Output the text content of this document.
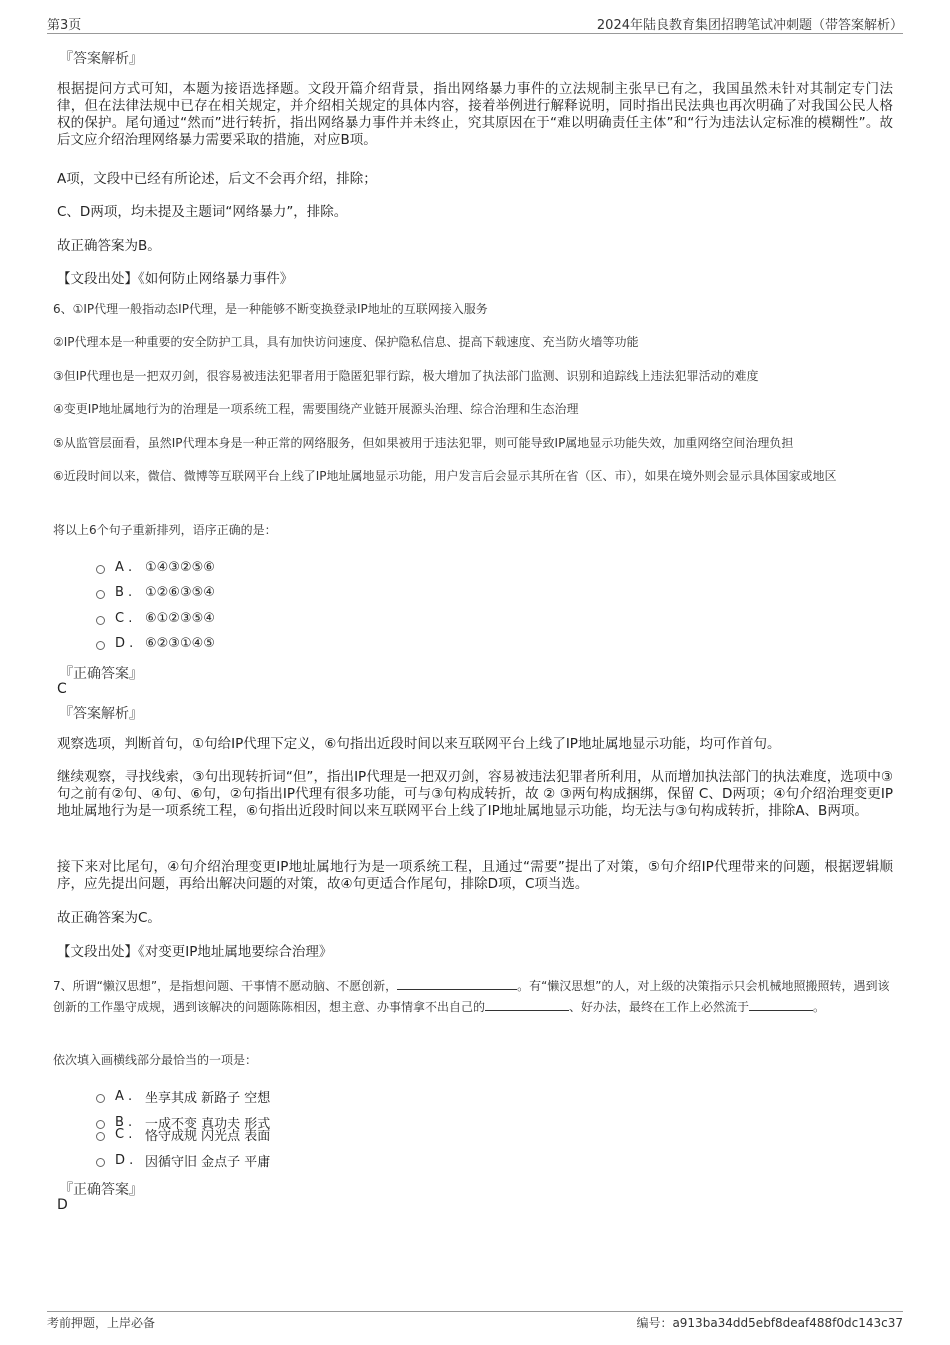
第3页	2024年陆良教育集团招聘笔试冲刺题（带答案解析）
『答案解析』
根据提问方式可知，本题为接语选择题。文段开篇介绍背景，指出网络暴力事件的立法规制主张早已有之，我国虽然未针对其制定专门法律，但在法律法规中已存在相关规定，并介绍相关规定的具体内容，接着举例进行解释说明，同时指出民法典也再次明确了对我国公民人格权的保护。尾句通过“然而”进行转折，指出网络暴力事件并未终止，究其原因在于“难以明确责任主体”和“行为违法认定标准的模糊性”。故后文应介绍治理网络暴力需要采取的措施，对应B项。
A项，文段中已经有所论述，后文不会再介绍，排除；
C、D两项，均未提及主题词“网络暴力”，排除。
故正确答案为B。
【文段出处】《如何防止网络暴力事件》
6、①IP代理一般指动态IP代理，是一种能够不断变换登录IP地址的互联网接入服务
②IP代理本是一种重要的安全防护工具，具有加快访问速度、保护隐私信息、提高下载速度、充当防火墙等功能
③但IP代理也是一把双刃剑，很容易被违法犯罪者用于隐匿犯罪行踪，极大增加了执法部门监测、识别和追踪线上违法犯罪活动的难度
④变更IP地址属地行为的治理是一项系统工程，需要围绕产业链开展源头治理、综合治理和生态治理
⑤从监管层面看，虽然IP代理本身是一种正常的网络服务，但如果被用于违法犯罪，则可能导致IP属地显示功能失效，加重网络空间治理负担
⑥近段时间以来，微信、微博等互联网平台上线了IP地址属地显示功能，用户发言后会显示其所在省（区、市），如果在境外则会显示具体国家或地区
将以上6个句子重新排列，语序正确的是：
A . ①④③②⑤⑥
B . ①②⑥③⑤④
C . ⑥①②③⑤④
D . ⑥②③①④⑤
『正确答案』
C
『答案解析』
观察选项，判断首句，①句给IP代理下定义，⑥句指出近段时间以来互联网平台上线了IP地址属地显示功能，均可作首句。
继续观察，寻找线索，③句出现转折词“但”，指出IP代理是一把双刃剑，容易被违法犯罪者所利用，从而增加执法部门的执法难度，选项中③句之前有②句、④句、⑥句，②句指出IP代理有很多功能，可与③句构成转折，故 ② ③两句构成捆绑，保留 C、D两项；④句介绍治理变更IP地址属地行为是一项系统工程，⑥句指出近段时间以来互联网平台上线了IP地址属地显示功能，均无法与③句构成转折，排除A、B两项。
接下来对比尾句，④句介绍治理变更IP地址属地行为是一项系统工程，且通过“需要”提出了对策，⑤句介绍IP代理带来的问题，根据逻辑顺序，应先提出问题，再给出解决问题的对策，故④句更适合作尾句，排除D项，C项当选。
故正确答案为C。
【文段出处】《对变更IP地址属地要综合治理》
7、所谓“懒汉思想”，是指想问题、干事情不愿动脑、不愿创新，	。有“懒汉思想”的人，对上级的决策指示只会机械地照搬照转，遇到该创新的工作墨守成规，遇到该解决的问题陈陈相因，想主意、办事情拿不出自己的	、好办法，最终在工作上必然流于	。
依次填入画横线部分最恰当的一项是：
A . 坐享其成 新路子 空想
B . 一成不变 真功夫 形式
C . 恪守成规 闪光点 表面
D . 因循守旧 金点子 平庸
『正确答案』
D
考前押题，上岸必备	编号：a913ba34dd5ebf8deaf488f0dc143c37
